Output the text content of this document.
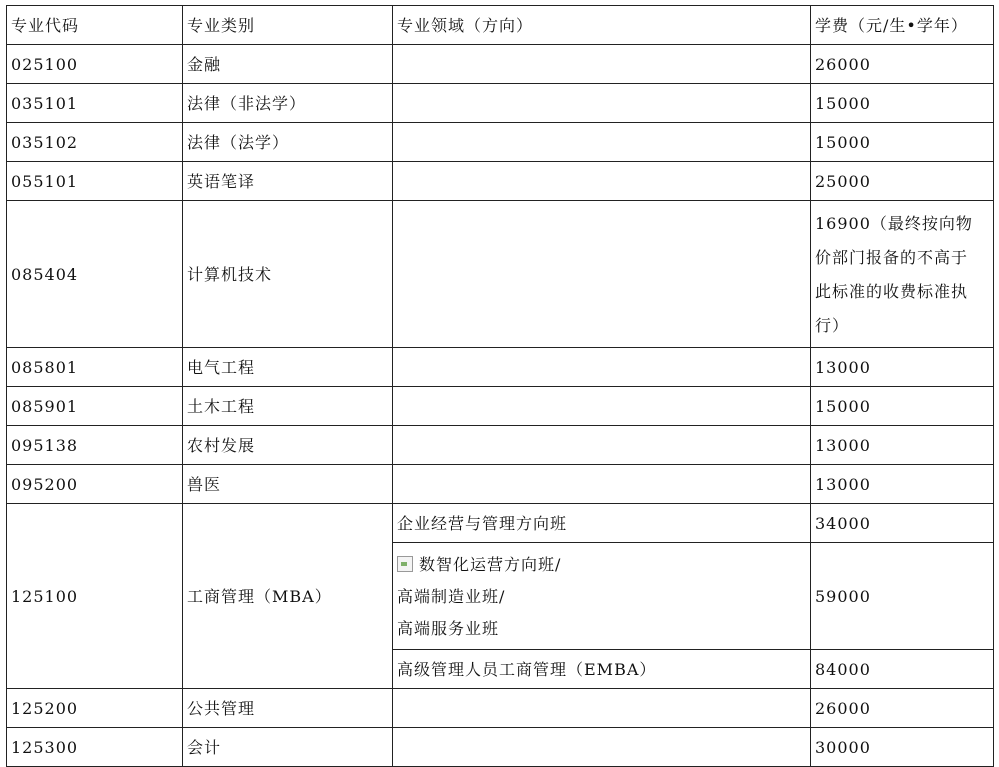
专业代码	专业类别	专业领域（方向）	学费（元/生•学年）
025100	金融		26000
035101	法律（非法学）		15000
035102	法律（法学）		15000
055101	英语笔译		25000
085404	计算机技术		16900（最终按向物
价部门报备的不高于
此标准的收费标准执
行）

085801	电气工程		13000
085901	土木工程		15000
095138	农村发展		13000
095200	兽医		13000
125100	工商管理（MBA）	企业经营与管理方向班	34000

		数智化运营方向班/
高端制造业班/
高端服务业班	59000
		高级管理人员工商管理（EMBA）	84000
125200	公共管理		26000
125300	会计		30000
